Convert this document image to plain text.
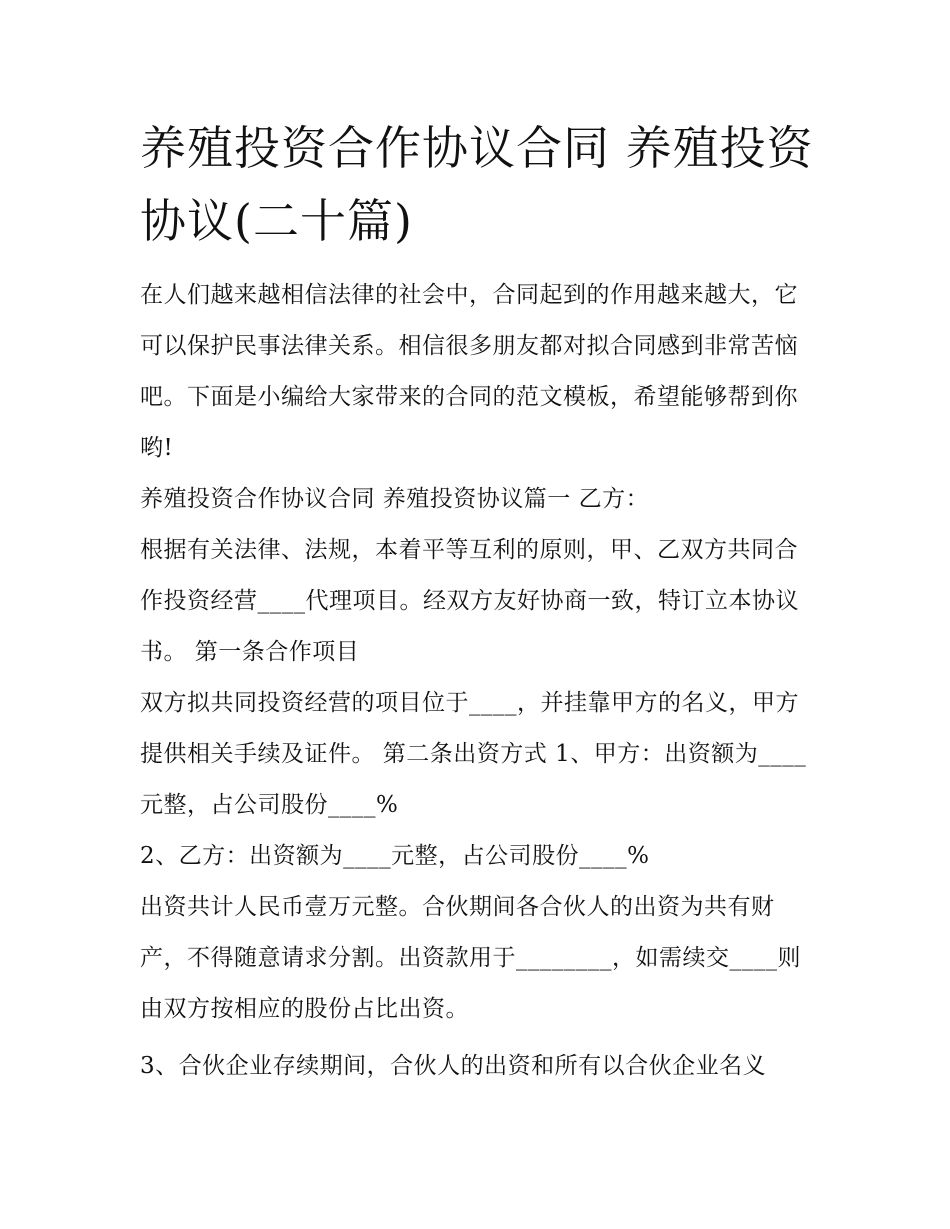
养殖投资合作协议合同 养殖投资协议(二十篇)

在人们越来越相信法律的社会中，合同起到的作用越来越大，它可以保护民事法律关系。相信很多朋友都对拟合同感到非常苦恼吧。下面是小编给大家带来的合同的范文模板，希望能够帮到你哟!

养殖投资合作协议合同 养殖投资协议篇一 乙方：

根据有关法律、法规，本着平等互利的原则，甲、乙双方共同合作投资经营____代理项目。经双方友好协商一致，特订立本协议书。 第一条合作项目

双方拟共同投资经营的项目位于____，并挂靠甲方的名义，甲方提供相关手续及证件。 第二条出资方式 1、甲方：出资额为____元整，占公司股份____%

2、乙方：出资额为____元整，占公司股份____%

出资共计人民币壹万元整。合伙期间各合伙人的出资为共有财产，不得随意请求分割。出资款用于________，如需续交____则由双方按相应的股份占比出资。

3、合伙企业存续期间，合伙人的出资和所有以合伙企业名义
